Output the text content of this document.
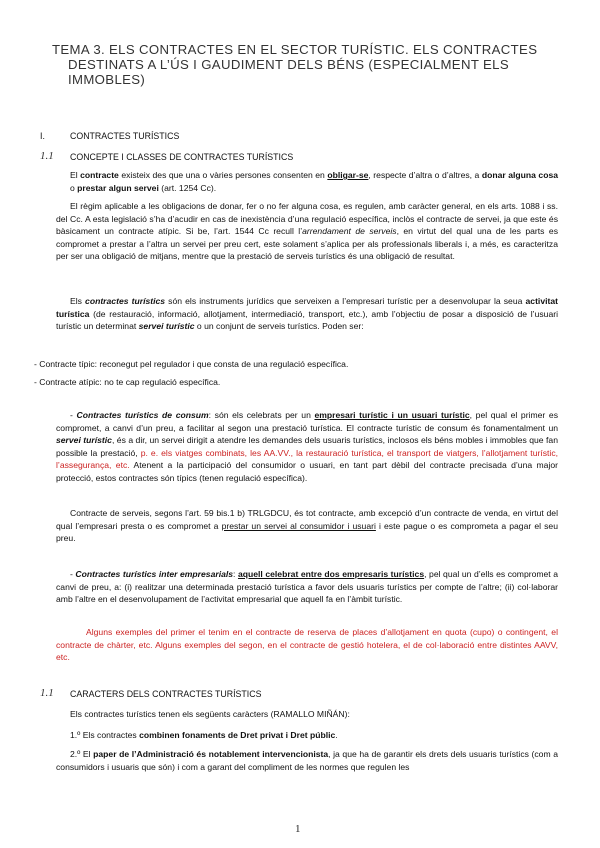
TEMA 3. ELS CONTRACTES EN EL SECTOR TURÍSTIC. ELS CONTRACTES
DESTINATS A L’ÚS I GAUDIMENT DELS BÉNS (ESPECIALMENT ELS
IMMOBLES)
I.	CONTRACTES TURÍSTICS
1.1 CONCEPTE I CLASSES DE CONTRACTES TURÍSTICS
El contracte existeix des que una o vàries persones consenten en obligar-se, respecte d’altra o d’altres, a donar alguna cosa o prestar algun servei (art. 1254 Cc).
El règim aplicable a les obligacions de donar, fer o no fer alguna cosa, es regulen, amb caràcter general, en els arts. 1088 i ss. del Cc. A esta legislació s’ha d’acudir en cas de inexistència d’una regulació específica, inclòs el contracte de servei, ja que este és bàsicament un contracte atípic. Si be, l’art. 1544 Cc recull l’arrendament de serveis, en virtut del qual una de les parts es compromet a prestar a l’altra un servei per preu cert, este solament s’aplica per als professionals liberals i, a més, es caracteritza per ser una obligació de mitjans, mentre que la prestació de serveis turístics és una obligació de resultat.
Els contractes turístics són els instruments jurídics que serveixen a l’empresari turístic per a desenvolupar la seua activitat turística (de restauració, informació, allotjament, intermediació, transport, etc.), amb l’objectiu de posar a disposició de l’usuari turístic un determinat servei turístic o un conjunt de serveis turístics. Poden ser:
- Contracte típic: reconegut pel regulador i que consta de una regulació específica.
- Contracte atípic: no te cap regulació específica.
- Contractes turístics de consum: són els celebrats per un empresari turístic i un usuari turístic, pel qual el primer es compromet, a canvi d’un preu, a facilitar al segon una prestació turística. El contracte turístic de consum és fonamentalment un servei turístic, és a dir, un servei dirigit a atendre les demandes dels usuaris turístics, inclosos els béns mobles i immobles que fan possible la prestació, p. e. els viatges combinats, les AA.VV., la restauració turística, el transport de viatgers, l’allotjament turístic, l’assegurança, etc. Atenent a la participació del consumidor o usuari, en tant part dèbil del contracte precisada d’una major protecció, estos contractes són típics (tenen regulació específica).
Contracte de serveis, segons l’art. 59 bis.1 b) TRLGDCU, és tot contracte, amb excepció d’un contracte de venda, en virtut del qual l’empresari presta o es compromet a prestar un servei al consumidor i usuari i este pague o es comprometa a pagar el seu preu.
- Contractes turístics inter empresarials: aquell celebrat entre dos empresaris turístics, pel qual un d’ells es compromet a canvi de preu, a: (i) realitzar una determinada prestació turística a favor dels usuaris turístics per compte de l’altre; (ii) col·laborar amb l’altre en el desenvolupament de l’activitat empresarial que aquell fa en l’àmbit turístic.
Alguns exemples del primer el tenim en el contracte de reserva de places d’allotjament en quota (cupo) o contingent, el contracte de chàrter, etc. Alguns exemples del segon, en el contracte de gestió hotelera, el de col·laboració entre distintes AAVV, etc.
1.1 CARACTERS DELS CONTRACTES TURÍSTICS
Els contractes turístics tenen els següents caràcters (RAMALLO MIÑÁN):
1.º Els contractes combinen fonaments de Dret privat i Dret públic.
2.º El paper de l’Administració és notablement intervencionista, ja que ha de garantir els drets dels usuaris turístics (com a consumidors i usuaris que són) i com a garant del compliment de les normes que regulen les
1
